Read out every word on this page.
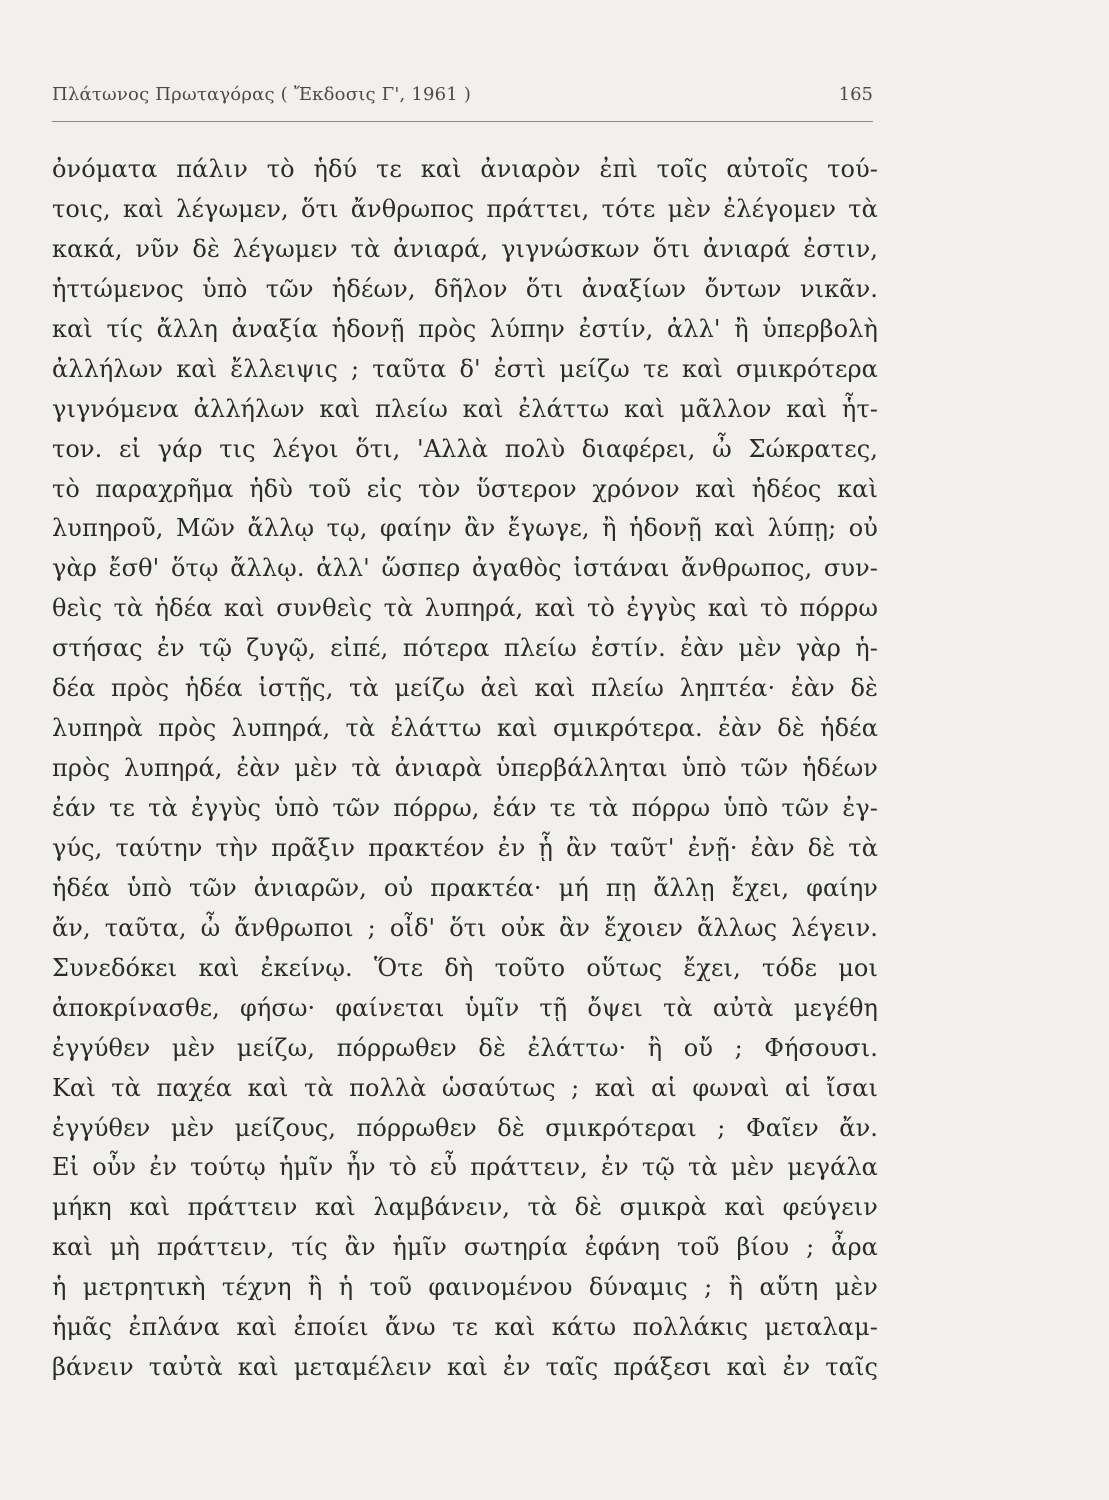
Πλάτωνος Πρωταγόρας ( Ἔκδοσις Γ', 1961 )	165
ὀνόματα πάλιν τὸ ἡδύ τε καὶ ἀνιαρὸν ἐπὶ τοῖς αὐτοῖς τού-
τοις, καὶ λέγωμεν, ὅτι ἄνθρωπος πράττει, τότε μὲν ἐλέγομεν τὰ
κακά, νῦν δὲ λέγωμεν τὰ ἀνιαρά, γιγνώσκων ὅτι ἀνιαρά ἐστιν,
ἡττώμενος ὑπὸ τῶν ἡδέων, δῆλον ὅτι ἀναξίων ὄντων νικᾶν.
καὶ τίς ἄλλη ἀναξία ἡδονῇ πρὸς λύπην ἐστίν, ἀλλ' ἢ ὑπερβολὴ
ἀλλήλων καὶ ἔλλειψις ; ταῦτα δ' ἐστὶ μείζω τε καὶ σμικρότερα
γιγνόμενα ἀλλήλων καὶ πλείω καὶ ἐλάττω καὶ μᾶλλον καὶ ἧτ-
τον. εἰ γάρ τις λέγοι ὅτι, 'Αλλὰ πολὺ διαφέρει, ὦ Σώκρατες,
τὸ παραχρῆμα ἡδὺ τοῦ εἰς τὸν ὕστερον χρόνον καὶ ἡδέος καὶ
λυπηροῦ, Μῶν ἄλλῳ τῳ, φαίην ἂν ἔγωγε, ἢ ἡδονῇ καὶ λύπῃ; οὐ
γὰρ ἔσθ' ὅτῳ ἄλλῳ. ἀλλ' ὥσπερ ἀγαθὸς ἱστάναι ἄνθρωπος, συν-
θεὶς τὰ ἡδέα καὶ συνθεὶς τὰ λυπηρά, καὶ τὸ ἐγγὺς καὶ τὸ πόρρω
στήσας ἐν τῷ ζυγῷ, εἰπέ, πότερα πλείω ἐστίν. ἐὰν μὲν γὰρ ἡ-
δέα πρὸς ἡδέα ἱστῇς, τὰ μείζω ἀεὶ καὶ πλείω ληπτέα· ἐὰν δὲ
λυπηρὰ πρὸς λυπηρά, τὰ ἐλάττω καὶ σμικρότερα. ἐὰν δὲ ἡδέα
πρὸς λυπηρά, ἐὰν μὲν τὰ ἀνιαρὰ ὑπερβάλληται ὑπὸ τῶν ἡδέων
ἐάν τε τὰ ἐγγὺς ὑπὸ τῶν πόρρω, ἐάν τε τὰ πόρρω ὑπὸ τῶν ἐγ-
γύς, ταύτην τὴν πρᾶξιν πρακτέον ἐν ᾗ ἂν ταῦτ' ἐνῇ· ἐὰν δὲ τὰ
ἡδέα ὑπὸ τῶν ἀνιαρῶν, οὐ πρακτέα· μή πῃ ἄλλῃ ἔχει, φαίην
ἄν, ταῦτα, ὦ ἄνθρωποι ; οἶδ' ὅτι οὐκ ἂν ἔχοιεν ἄλλως λέγειν.
Συνεδόκει καὶ ἐκείνῳ. Ὅτε δὴ τοῦτο οὕτως ἔχει, τόδε μοι
ἀποκρίνασθε, φήσω· φαίνεται ὑμῖν τῇ ὄψει τὰ αὐτὰ μεγέθη
ἐγγύθεν μὲν μείζω, πόρρωθεν δὲ ἐλάττω· ἢ οὔ ; Φήσουσι.
Καὶ τὰ παχέα καὶ τὰ πολλὰ ὡσαύτως ; καὶ αἱ φωναὶ αἱ ἴσαι
ἐγγύθεν μὲν μείζους, πόρρωθεν δὲ σμικρότεραι ; Φαῖεν ἄν.
Εἰ οὖν ἐν τούτῳ ἡμῖν ἦν τὸ εὖ πράττειν, ἐν τῷ τὰ μὲν μεγάλα
μήκη καὶ πράττειν καὶ λαμβάνειν, τὰ δὲ σμικρὰ καὶ φεύγειν
καὶ μὴ πράττειν, τίς ἂν ἡμῖν σωτηρία ἐφάνη τοῦ βίου ; ἆρα
ἡ μετρητικὴ τέχνη ἢ ἡ τοῦ φαινομένου δύναμις ; ἢ αὕτη μὲν
ἡμᾶς ἐπλάνα καὶ ἐποίει ἄνω τε καὶ κάτω πολλάκις μεταλαμ-
βάνειν ταὐτὰ καὶ μεταμέλειν καὶ ἐν ταῖς πράξεσι καὶ ἐν ταῖς
